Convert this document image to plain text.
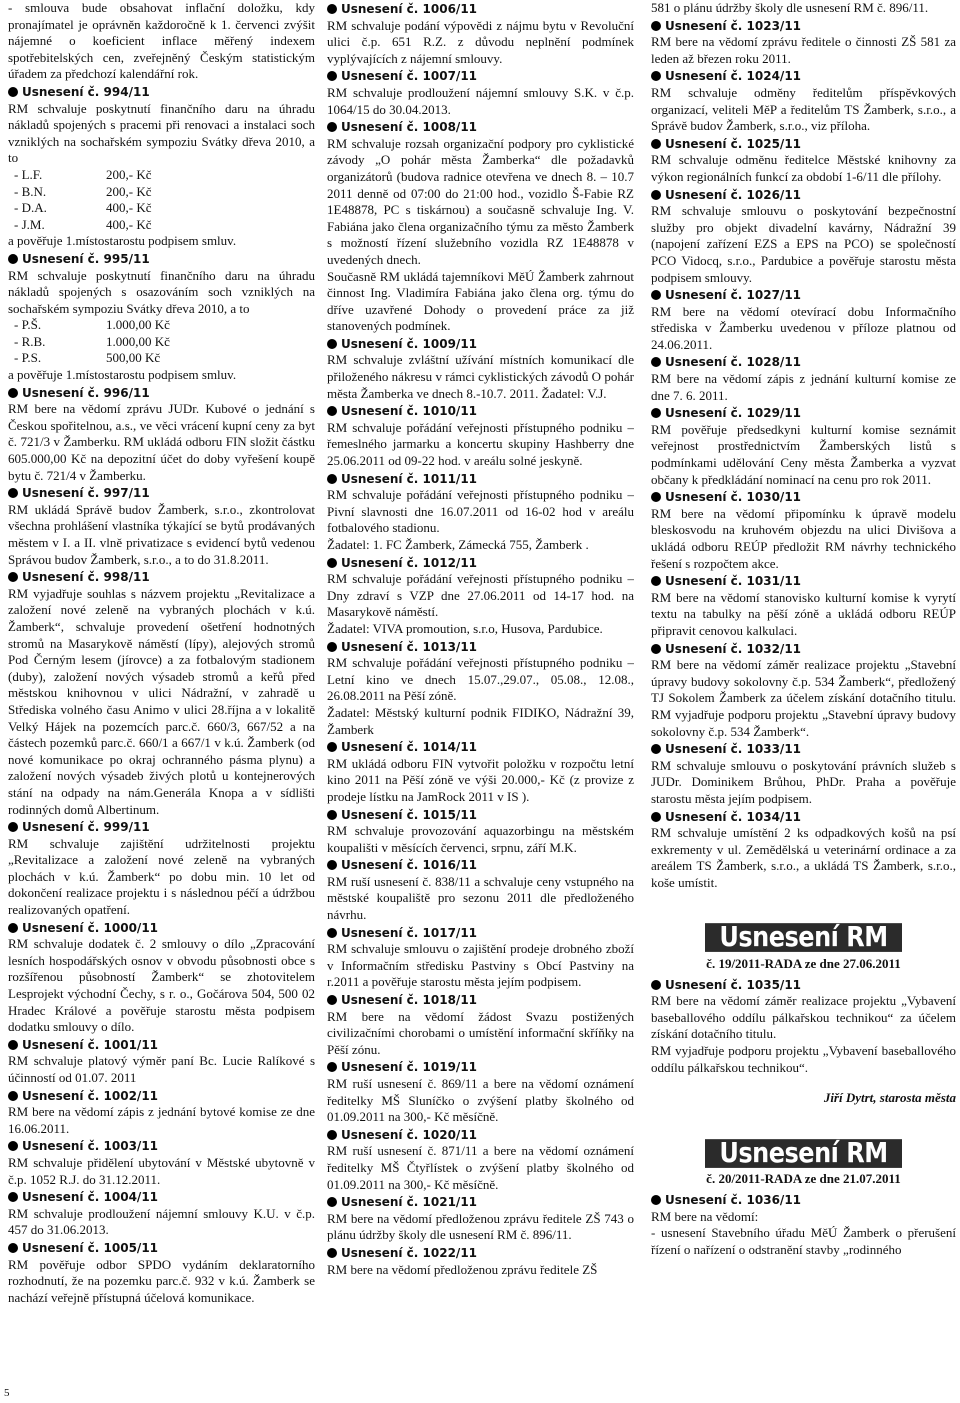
- smlouva bude obsahovat inflační doložku, kdy pronajímatel je oprávněn každoročně k 1. červenci zvýšit nájemné o koeficient inflace měřený indexem spotřebitelských cen, zveřejněný Českým statistickým úřadem za předchozí kalendářní rok.

Usnesení č. 994/11

RM schvaluje poskytnutí finančního daru na úhradu nákladů spojených s pracemi při renovaci a instalaci soch vzniklých na sochařském sympoziu Svátky dřeva 2010, a to

- L.F.	200,- Kč
- B.N.	200,- Kč
- D.A.	400,- Kč
- J.M.	400,- Kč

a pověřuje 1.místostarostu podpisem smluv.

Usnesení č. 995/11

RM schvaluje poskytnutí finančního daru na úhradu nákladů spojených s osazováním soch vzniklých na sochařském sympoziu Svátky dřeva 2010, a to

- P.Š.	1.000,00 Kč
- R.B.	1.000,00 Kč
- P.S.	500,00 Kč

a pověřuje 1.místostarostu podpisem smluv.

Usnesení č. 996/11

RM bere na vědomí zprávu JUDr. Kubové o jednání s Českou spořitelnou, a.s., ve věci vrácení kupní ceny za byt č. 721/3 v Žamberku. RM ukládá odboru FIN složit částku 605.000,00 Kč na depozitní účet do doby vyřešení koupě bytu č. 721/4 v Žamberku.

Usnesení č. 997/11

RM ukládá Správě budov Žamberk, s.r.o., zkontrolovat všechna prohlášení vlastníka týkající se bytů prodávaných městem v I. a II. vlně privatizace s evidencí bytů vedenou Správou budov Žamberk, s.r.o., a to do 31.8.2011.

Usnesení č. 998/11

RM vyjadřuje souhlas s názvem projektu „Revitalizace a založení nové zeleně na vybraných plochách v k.ú. Žamberk“, schvaluje provedení ošetření hodnotných stromů na Masarykově náměstí (lípy), alejových stromů Pod Černým lesem (jírovce) a za fotbalovým stadionem (duby), založení nových výsadeb stromů a keřů před městskou knihovnou v ulici Nádražní, v zahradě u Střediska volného času Animo v ulici 28.října a v lokalitě Velký Hájek na pozemcích parc.č. 660/3, 667/52 a na částech pozemků parc.č. 660/1 a 667/1 v k.ú. Žamberk (od nové komunikace po okraj ochranného pásma plynu) a založení nových výsadeb živých plotů u kontejnerových stání na odpady na nám.Generála Knopa a v sídlišti rodinných domů Albertinum.

Usnesení č. 999/11

RM schvaluje zajištění udržitelnosti projektu „Revitalizace a založení nové zeleně na vybraných plochách v k.ú. Žamberk“ po dobu min. 10 let od dokončení realizace projektu i s následnou péčí a údržbou realizovaných opatření.

Usnesení č. 1000/11

RM schvaluje dodatek č. 2 smlouvy o dílo „Zpracování lesních hospodářských osnov v obvodu působnosti obce s rozšířenou působností Žamberk“ se zhotovitelem Lesprojekt východní Čechy, s r. o., Gočárova 504, 500 02 Hradec Králové a pověřuje starostu města podpisem dodatku smlouvy o dílo.

Usnesení č. 1001/11

RM schvaluje platový výměr paní Bc. Lucie Ralíkové s účinností od 01.07. 2011

Usnesení č. 1002/11

RM bere na vědomí zápis z jednání bytové komise ze dne 16.06.2011.

Usnesení č. 1003/11

RM schvaluje přidělení ubytování v Městské ubytovně v č.p. 1052 R.J. do 31.12.2011.

Usnesení č. 1004/11

RM schvaluje prodloužení nájemní smlouvy K.U. v č.p. 457 do 31.06.2013.

Usnesení č. 1005/11

RM pověřuje odbor SPDO vydáním deklaratorního rozhodnutí, že na pozemku parc.č. 932 v k.ú. Žamberk se nachází veřejně přístupná účelová komunikace.

Usnesení č. 1006/11

RM schvaluje podání výpovědi z nájmu bytu v Revoluční ulici č.p. 651 R.Z. z důvodu neplnění podmínek vyplývajících z nájemní smlouvy.

Usnesení č. 1007/11

RM schvaluje prodloužení nájemní smlouvy S.K. v č.p. 1064/15 do 30.04.2013.

Usnesení č. 1008/11

RM schvaluje rozsah organizační podpory pro cyklistické závody „O pohár města Žamberka“ dle požadavků organizátorů (budova radnice otevřena ve dnech 8. – 10.7 2011 denně od 07:00 do 21:00 hod., vozidlo Š-Fabie RZ 1E48878, PC s tiskárnou) a současně schvaluje Ing. V. Fabiána jako člena organizačního týmu za město Žamberk s možností řízení služebního vozidla RZ 1E48878 v uvedených dnech.

Současně RM ukládá tajemníkovi MěÚ Žamberk zahrnout činnost Ing. Vladimíra Fabiána jako člena org. týmu do dříve uzavřené Dohody o provedení práce za již stanovených podmínek.

Usnesení č. 1009/11

RM schvaluje zvláštní užívání místních komunikací dle přiloženého nákresu v rámci cyklistických závodů O pohár města Žamberka ve dnech 8.-10.7. 2011. Žadatel: V.J.

Usnesení č. 1010/11

RM schvaluje pořádání veřejnosti přístupného podniku – řemeslného jarmarku a koncertu skupiny Hashberry dne 25.06.2011 od 09-22 hod. v areálu solné jeskyně.

Usnesení č. 1011/11

RM schvaluje pořádání veřejnosti přístupného podniku – Pivní slavnosti dne 16.07.2011 od 16-02 hod v areálu fotbalového stadionu.

Žadatel: 1. FC Žamberk, Zámecká 755, Žamberk .

Usnesení č. 1012/11

RM schvaluje pořádání veřejnosti přístupného podniku – Dny zdraví s VZP dne 27.06.2011 od 14-17 hod. na Masarykově náměstí.

Žadatel: VIVA promoution, s.r.o, Husova, Pardubice.

Usnesení č. 1013/11

RM schvaluje pořádání veřejnosti přístupného podniku – Letní kino ve dnech 15.07.,29.07., 05.08., 12.08., 26.08.2011 na Pěší zóně.

Žadatel: Městský kulturní podnik FIDIKO, Nádražní 39, Žamberk

Usnesení č. 1014/11

RM ukládá odboru FIN vytvořit položku v rozpočtu letní kino 2011 na Pěší zóně ve výši 20.000,- Kč (z provize z prodeje lístku na JamRock 2011 v IS ).

Usnesení č. 1015/11

RM schvaluje provozování aquazorbingu na městském koupališti v měsících červenci, srpnu, září M.K.

Usnesení č. 1016/11

RM ruší usnesení č. 838/11 a schvaluje ceny vstupného na městské koupaliště pro sezonu 2011 dle předloženého návrhu.

Usnesení č. 1017/11

RM schvaluje smlouvu o zajištění prodeje drobného zboží v Informačním středisku Pastviny s Obcí Pastviny na r.2011 a pověřuje starostu města jejím podpisem.

Usnesení č. 1018/11

RM bere na vědomí žádost Svazu postižených civilizačními chorobami o umístění informační skříňky na Pěší zónu.

Usnesení č. 1019/11

RM ruší usnesení č. 869/11 a bere na vědomí oznámení ředitelky MŠ Sluníčko o zvýšení platby školného od 01.09.2011 na 300,- Kč měsíčně.

Usnesení č. 1020/11

RM ruší usnesení č. 871/11 a bere na vědomí oznámení ředitelky MŠ Čtyřlístek o zvýšení platby školného od 01.09.2011 na 300,- Kč měsíčně.

Usnesení č. 1021/11

RM bere na vědomí předloženou zprávu ředitele ZŠ 743 o plánu údržby školy dle usnesení RM č. 896/11.

Usnesení č. 1022/11

RM bere na vědomí předloženou zprávu ředitele ZŠ

581 o plánu údržby školy dle usnesení RM č. 896/11.

Usnesení č. 1023/11

RM bere na vědomí zprávu ředitele o činnosti ZŠ 581 za leden až březen roku 2011.

Usnesení č. 1024/11

RM schvaluje odměny ředitelům příspěvkových organizací, veliteli MěP a ředitelům TS Žamberk, s.r.o., a Správě budov Žamberk, s.r.o., viz příloha.

Usnesení č. 1025/11

RM schvaluje odměnu ředitelce Městské knihovny za výkon regionálních funkcí za období 1-6/11 dle přílohy.

Usnesení č. 1026/11

RM schvaluje smlouvu o poskytování bezpečnostní služby pro objekt divadelní kavárny, Nádražní 39 (napojení zařízení EZS a EPS na PCO) se společností PCO Vidocq, s.r.o., Pardubice a pověřuje starostu města podpisem smlouvy.

Usnesení č. 1027/11

RM bere na vědomí otevírací dobu Informačního střediska v Žamberku uvedenou v příloze platnou od 24.06.2011.

Usnesení č. 1028/11

RM bere na vědomí zápis z jednání kulturní komise ze dne 7. 6. 2011.

Usnesení č. 1029/11

RM pověřuje předsedkyni kulturní komise seznámit veřejnost prostřednictvím Žamberských listů s podmínkami udělování Ceny města Žamberka a vyzvat občany k předkládání nominací na cenu pro rok 2011.

Usnesení č. 1030/11

RM bere na vědomí připomínku k úpravě modelu bleskosvodu na kruhovém objezdu na ulici Divišova a ukládá odboru REÚP předložit RM návrhy technického řešení s rozpočtem akce.

Usnesení č. 1031/11

RM bere na vědomí stanovisko kulturní komise k vyrytí textu na tabulky na pěší zóně a ukládá odboru REÚP připravit cenovou kalkulaci.

Usnesení č. 1032/11

RM bere na vědomí záměr realizace projektu „Stavební úpravy budovy sokolovny č.p. 534 Žamberk“, předložený TJ Sokolem Žamberk za účelem získání dotačního titulu. RM vyjadřuje podporu projektu „Stavební úpravy budovy sokolovny č.p. 534 Žamberk“.

Usnesení č. 1033/11

RM schvaluje smlouvu o poskytování právních služeb s JUDr. Dominikem Brůhou, PhDr. Praha a pověřuje starostu města jejím podpisem.

Usnesení č. 1034/11

RM schvaluje umístění 2 ks odpadkových košů na psí exkrementy v ul. Zemědělská u veterinární ordinace a za areálem TS Žamberk, s.r.o., a ukládá TS Žamberk, s.r.o., koše umístit.

Usnesení RM
č. 19/2011-RADA ze dne 27.06.2011
Usnesení č. 1035/11

RM bere na vědomí záměr realizace projektu „Vybavení baseballového oddílu pálkařskou technikou“ za účelem získání dotačního titulu.

RM vyjadřuje podporu projektu „Vybavení baseballového oddílu pálkařskou technikou“.

Jiří Dytrt, starosta města
Usnesení RM
č. 20/2011-RADA ze dne 21.07.2011
Usnesení č. 1036/11

RM bere na vědomí:

- usnesení Stavebního úřadu MěÚ Žamberk o přerušení řízení o nařízení o odstranění stavby „rodinného

5
